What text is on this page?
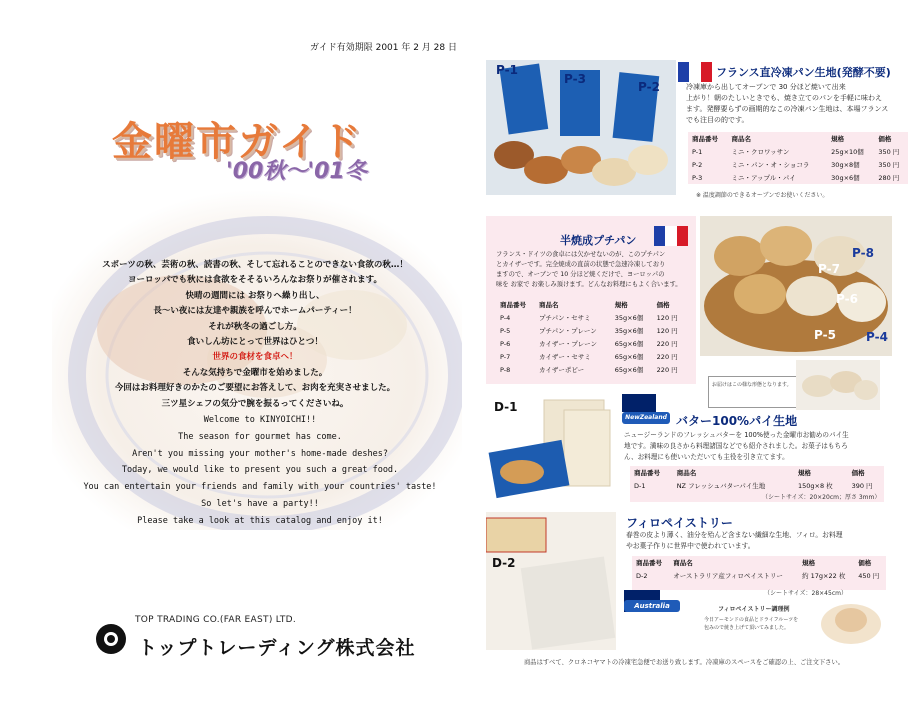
ガイド有効期限 2001 年 2 月 28 日
金曜市ガイド
'00秋～'01冬
スポーツの秋、芸術の秋、読書の秋、そして忘れることのできない食欲の秋…！
ヨーロッパでも秋には食欲をそそるいろんなお祭りが催されます。
快晴の週間には お祭りへ繰り出し、
長～い夜には友達や親族を呼んでホームパーティー！
それが秋冬の過ごし方。
食いしん坊にとって世界はひとつ！
世界の食材を食卓へ！
そんな気持ちで金曜市を始めました。
今回はお料理好きのかたのご要望にお答えして、お肉を充実させました。
三ツ星シェフの気分で腕を振るってくださいね。
Welcome to KINYOICHI!!
The season for gourmet has come.
Aren't you missing your mother's home-made deshes?
Today, we would like to present you such a great food.
You can entertain your friends and family with your countries' taste!
So let's have a party!!
Please take a look at this catalog and enjoy it!
TOP TRADING CO.(FAR EAST) LTD.
トップトレーディング株式会社
P-1
P-3
P-2
フランス直冷凍パン生地(発酵不要)
冷凍庫から出してオーブンで 30 分ほど焼いて出来
上がり！朝のたしいときでも、焼き立てのパンを手軽に味わえ
ます。発酵要らずの画期的なこの冷凍パン生地は、本場フランス
でも注目の的です。
商品番号	商品名	規格	価格
P-1	ミニ・クロワッサン	25g×10個	350 円
P-2	ミニ・パン・オ・ショコラ	30g×8個	350 円
P-3	ミニ・アップル・パイ	30g×6個	280 円
※ 温度調節のできるオーブンでお使いください。
半焼成プチパン
フランス・ドイツの食卓には欠かせないのが、このプチパン
とカイザーです。完全焼成の直前の状態で急速冷凍しており
ますので、オーブンで 10 分ほど焼くだけで、ヨーロッパの
味を お家で お楽しみ頂けます。どんなお料理にもよく合います。
商品番号	商品名	規格	価格
P-4	プチパン・セサミ	35g×6個	120 円
P-5	プチパン・プレーン	35g×6個	120 円
P-6	カイザー・プレーン	65g×6個	220 円
P-7	カイザー・セサミ	65g×6個	220 円
P-8	カイザーポピー	65g×6個	220 円
P-7
P-8
P-6
P-5	P-4
お届けはこの様な形態となります。
D-1
NewZealand バター100%パイ生地
ニュージーランドのフレッシュバターを 100%使った金曜市お勧めのパイ生
地です。満味の良さから料理諸国などでも紹介されました。お菓子はもちろ
ん、お料理にも使いいただいても主役を引き立てます。
商品番号	商品名	規格	価格
D-1	NZ フレッシュバターパイ生地	150g×8 枚	390 円
（シートサイズ：20×20cm；厚さ 3mm）
D-2
フィロペイストリー
春巻の皮より薄く、油分を殆んど含まない繊細な生地、フィロ。お料理
やお菓子作りに世界中で使われています。
商品番号	商品名	規格	価格
D-2	オーストラリア産フィロペイストリー	約 17g×22 枚	450 円
（シートサイズ：28×45cm）
Australia	フィロペイストリー調理例
今日アーモンドの食品とドライフルーツを
包みので焼き上げて頂いてみました。
商品はすべて、クロネコヤマトの冷凍宅急便でお送り致します。冷凍庫のスペースをご確認の上、ご注文下さい。
